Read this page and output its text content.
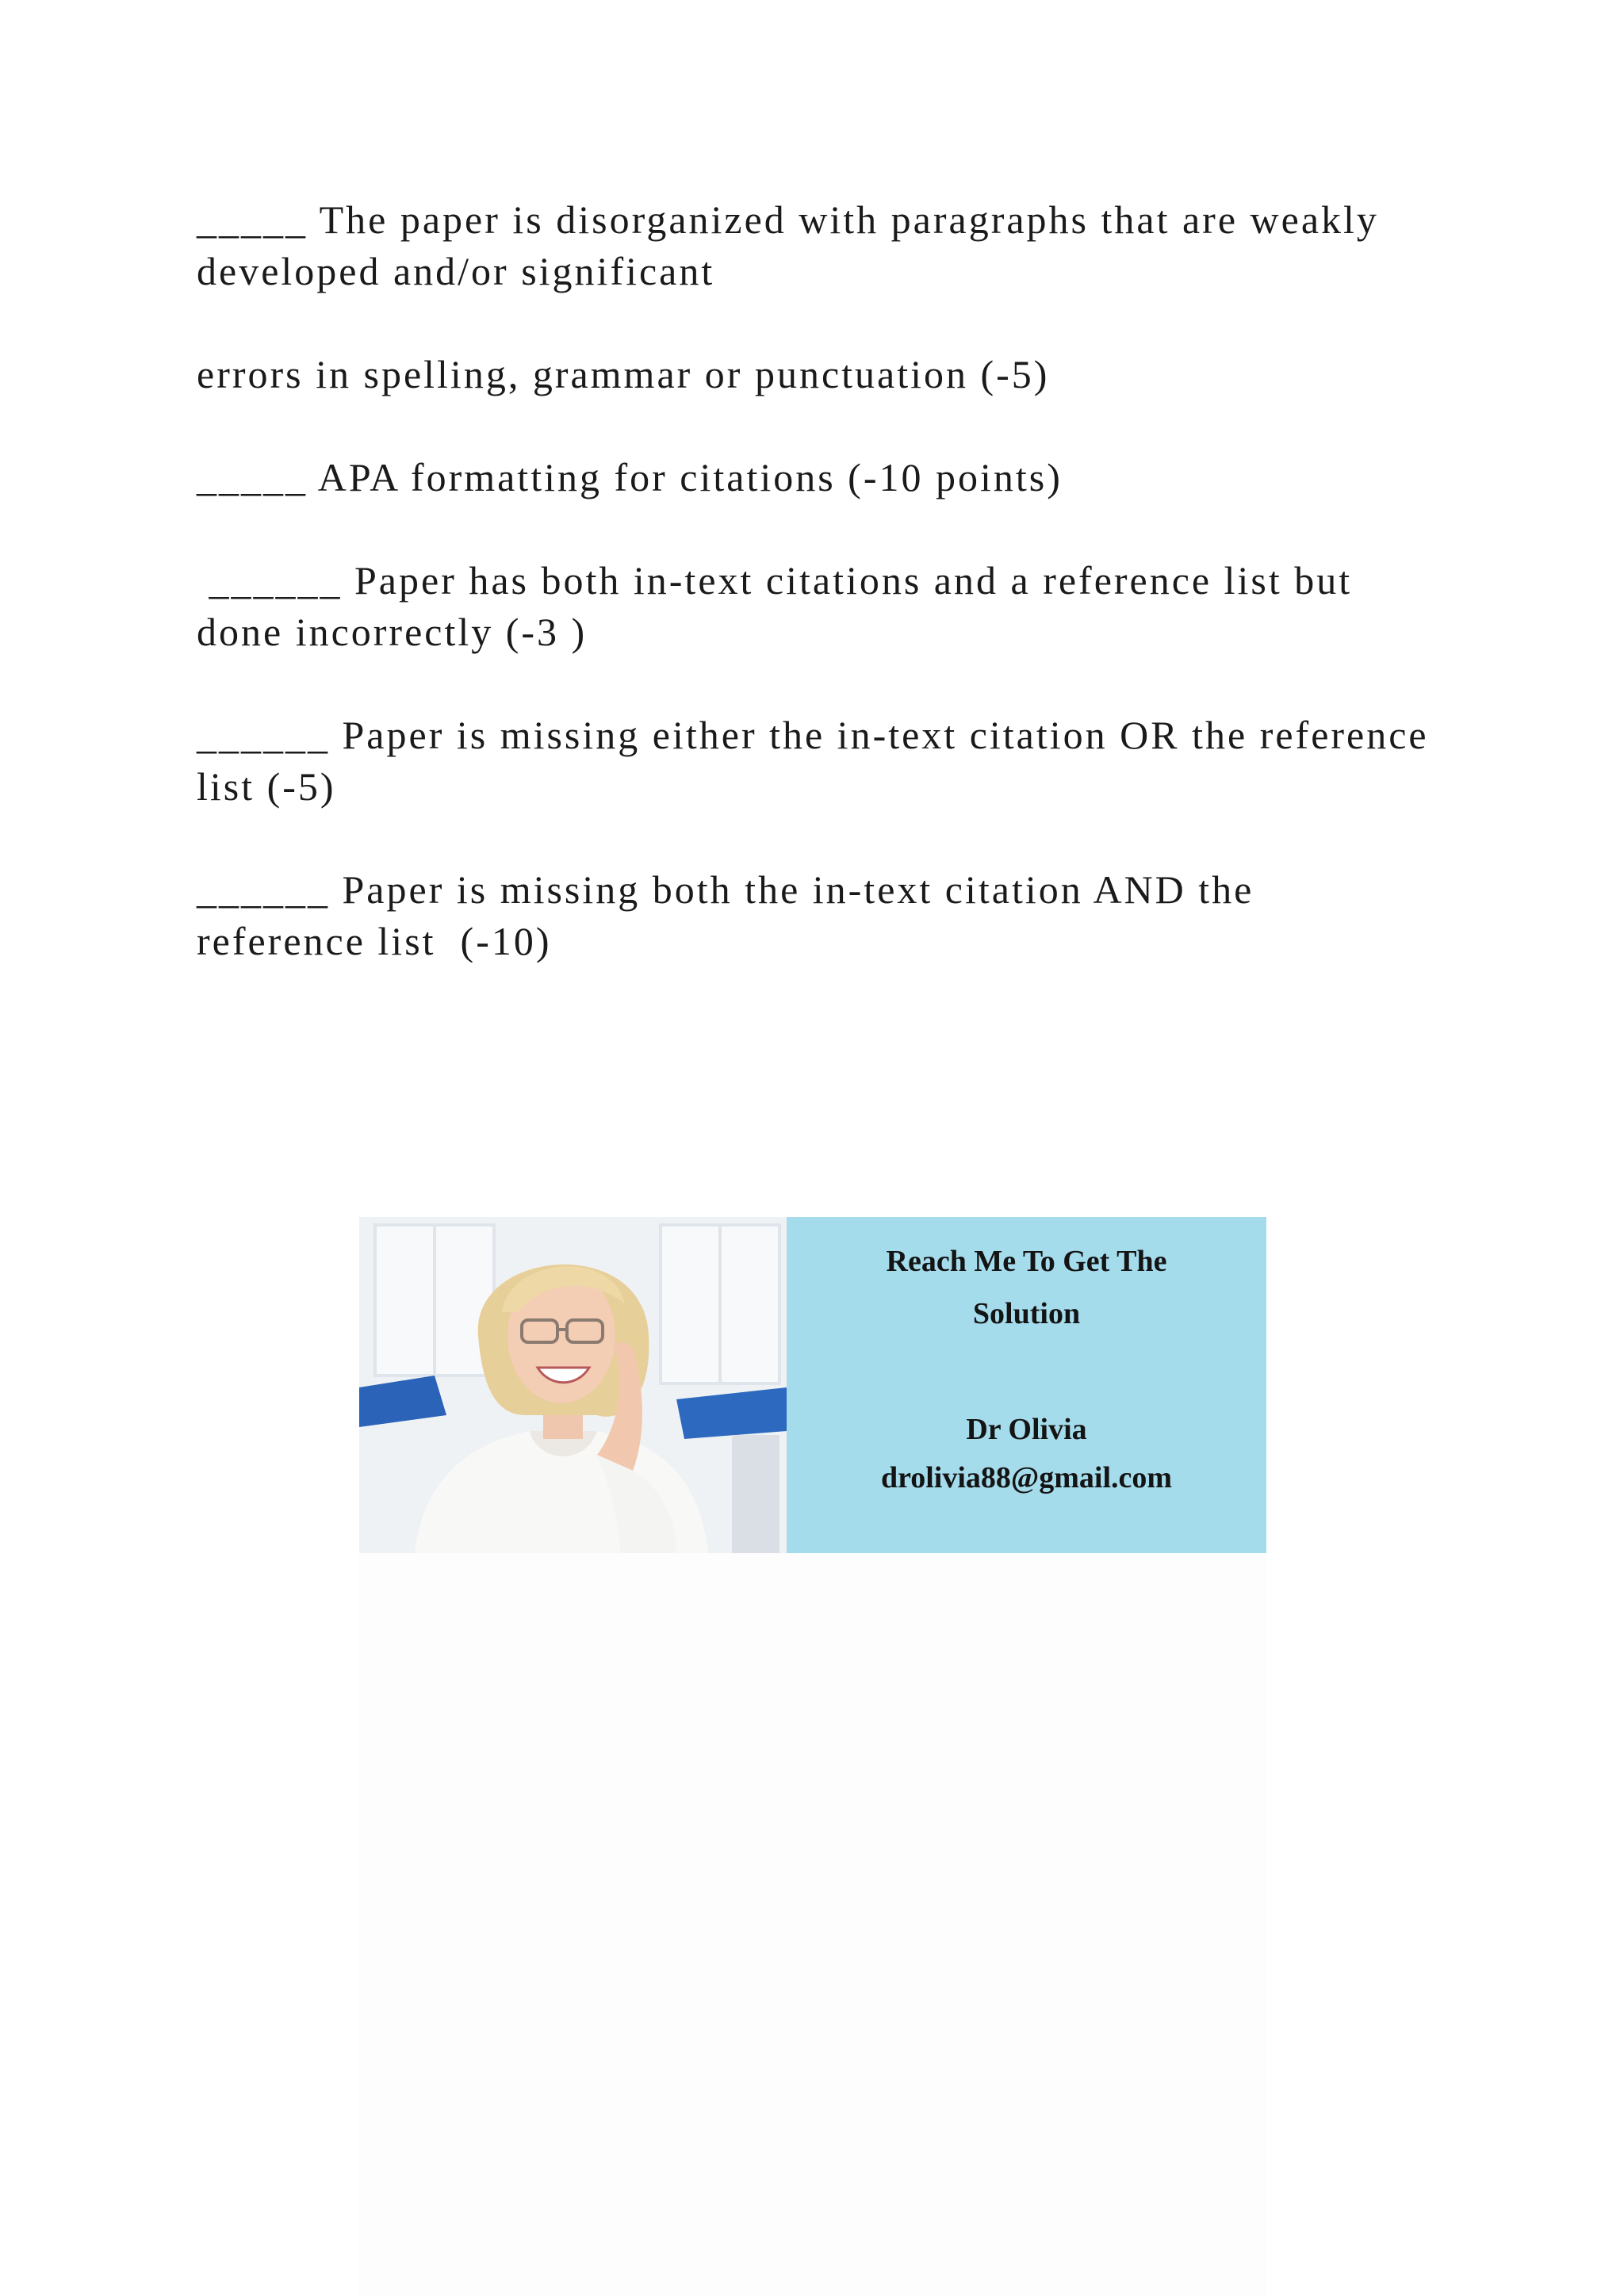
_____ The paper is disorganized with paragraphs that are weakly developed and/or significant

errors in spelling, grammar or punctuation (-5)

_____ APA formatting for citations (-10 points)

______ Paper has both in-text citations and a reference list but done incorrectly (-3 )

______ Paper is missing either the in-text citation OR the reference list (-5)

______ Paper is missing both the in-text citation AND the reference list  (-10)

Reach Me To Get The
Solution
Dr Olivia
drolivia88@gmail.com
